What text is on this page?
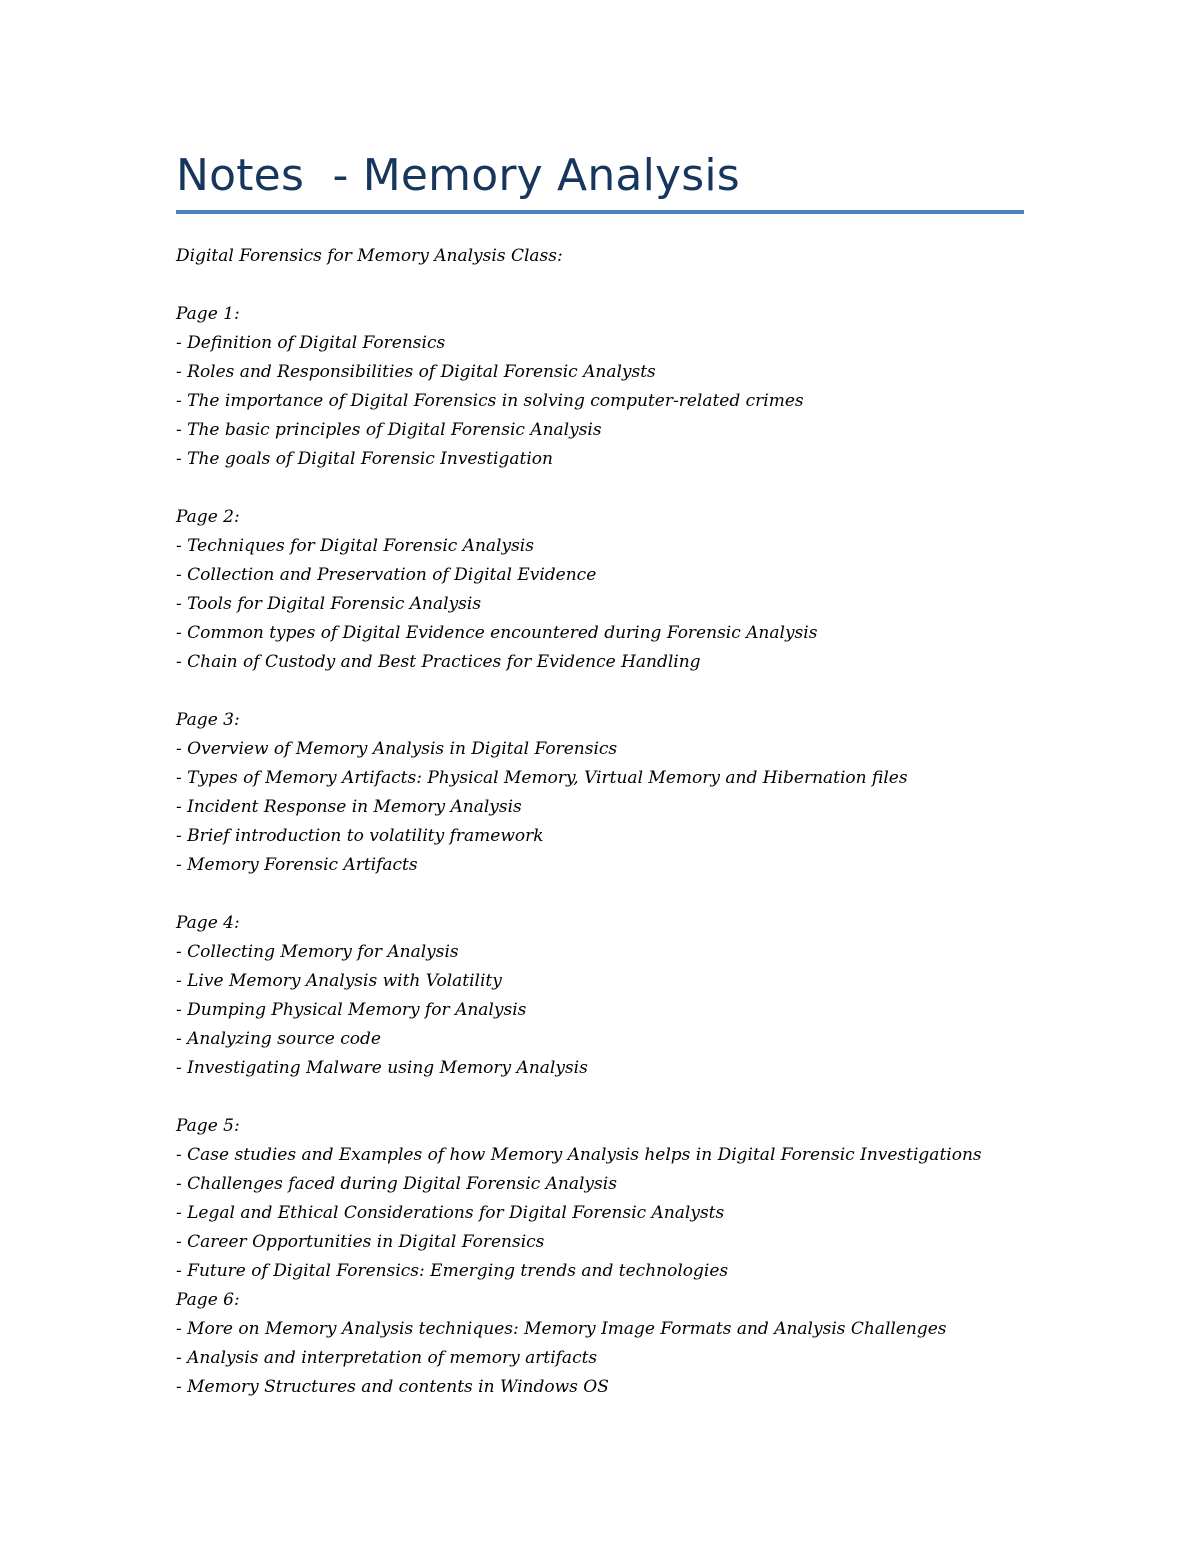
Notes  - Memory Analysis
Digital Forensics for Memory Analysis Class:
Page 1:
- Definition of Digital Forensics
- Roles and Responsibilities of Digital Forensic Analysts
- The importance of Digital Forensics in solving computer-related crimes
- The basic principles of Digital Forensic Analysis
- The goals of Digital Forensic Investigation
Page 2:
- Techniques for Digital Forensic Analysis
- Collection and Preservation of Digital Evidence
- Tools for Digital Forensic Analysis
- Common types of Digital Evidence encountered during Forensic Analysis
- Chain of Custody and Best Practices for Evidence Handling
Page 3:
- Overview of Memory Analysis in Digital Forensics
- Types of Memory Artifacts: Physical Memory, Virtual Memory and Hibernation files
- Incident Response in Memory Analysis
- Brief introduction to volatility framework
- Memory Forensic Artifacts
Page 4:
- Collecting Memory for Analysis
- Live Memory Analysis with Volatility
- Dumping Physical Memory for Analysis
- Analyzing source code
- Investigating Malware using Memory Analysis
Page 5:
- Case studies and Examples of how Memory Analysis helps in Digital Forensic Investigations
- Challenges faced during Digital Forensic Analysis
- Legal and Ethical Considerations for Digital Forensic Analysts
- Career Opportunities in Digital Forensics
- Future of Digital Forensics: Emerging trends and technologies
Page 6:
- More on Memory Analysis techniques: Memory Image Formats and Analysis Challenges
- Analysis and interpretation of memory artifacts
- Memory Structures and contents in Windows OS
